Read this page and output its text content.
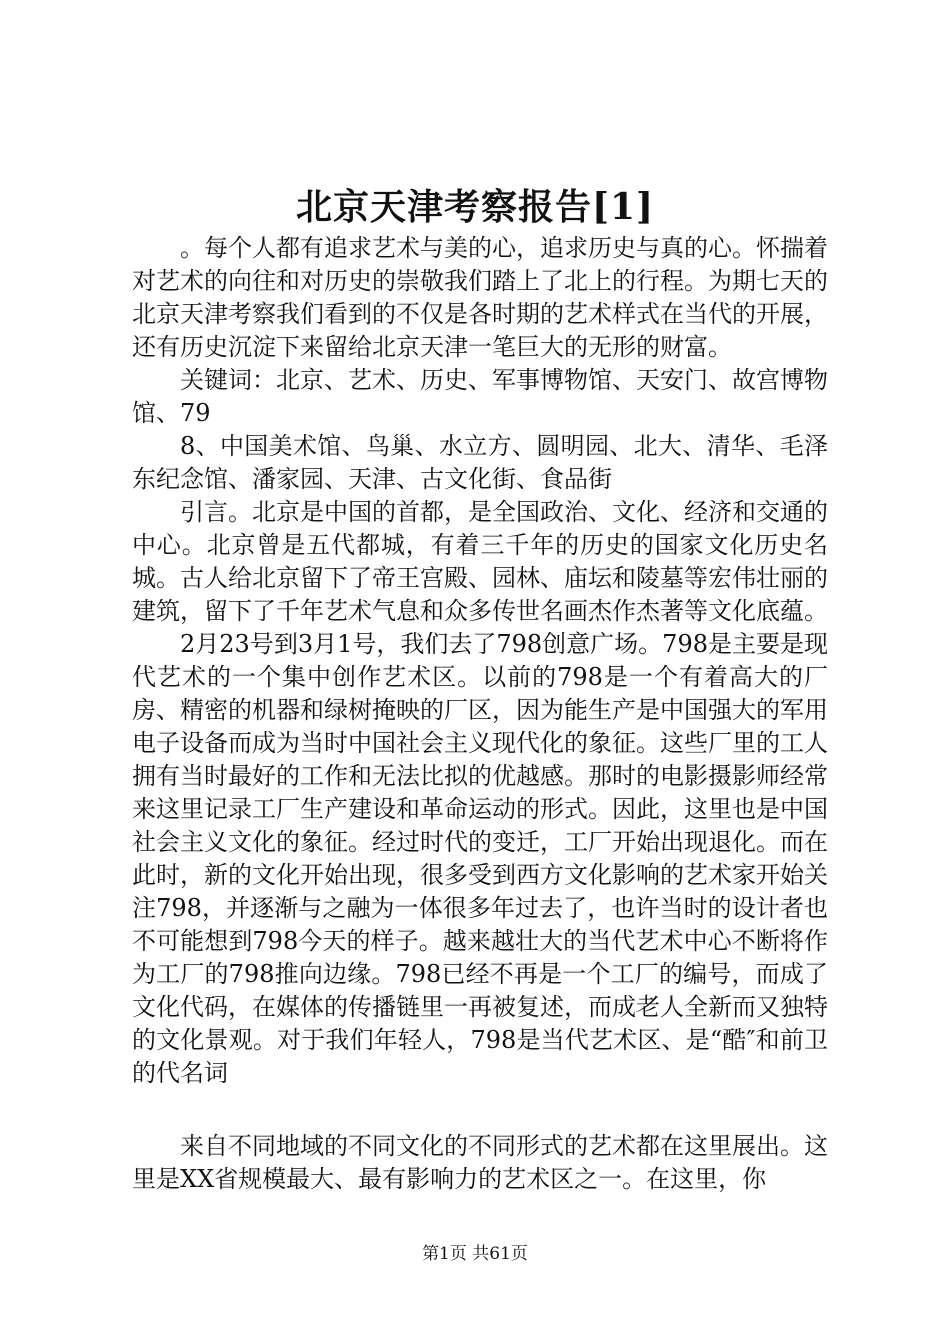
北京天津考察报告[1]

。每个人都有追求艺术与美的心，追求历史与真的心。怀揣着对艺术的向往和对历史的崇敬我们踏上了北上的行程。为期七天的北京天津考察我们看到的不仅是各时期的艺术样式在当代的开展，还有历史沉淀下来留给北京天津一笔巨大的无形的财富。

关键词：北京、艺术、历史、军事博物馆、天安门、故宫博物馆、79

8、中国美术馆、鸟巢、水立方、圆明园、北大、清华、毛泽东纪念馆、潘家园、天津、古文化街、食品街

引言。北京是中国的首都，是全国政治、文化、经济和交通的中心。北京曾是五代都城，有着三千年的历史的国家文化历史名城。古人给北京留下了帝王宫殿、园林、庙坛和陵墓等宏伟壮丽的建筑，留下了千年艺术气息和众多传世名画杰作杰著等文化底蕴。

2月23号到3月1号，我们去了798创意广场。798是主要是现代艺术的一个集中创作艺术区。以前的798是一个有着高大的厂房、精密的机器和绿树掩映的厂区，因为能生产是中国强大的军用电子设备而成为当时中国社会主义现代化的象征。这些厂里的工人拥有当时最好的工作和无法比拟的优越感。那时的电影摄影师经常来这里记录工厂生产建设和革命运动的形式。因此，这里也是中国社会主义文化的象征。经过时代的变迁，工厂开始出现退化。而在此时，新的文化开始出现，很多受到西方文化影响的艺术家开始关注798，并逐渐与之融为一体很多年过去了，也许当时的设计者也不可能想到798今天的样子。越来越壮大的当代艺术中心不断将作为工厂的798推向边缘。798已经不再是一个工厂的编号，而成了文化代码，在媒体的传播链里一再被复述，而成老人全新而又独特的文化景观。对于我们年轻人，798是当代艺术区、是“酷″和前卫的代名词

来自不同地域的不同文化的不同形式的艺术都在这里展出。这里是XX省规模最大、最有影响力的艺术区之一。在这里，你

第1页 共61页
